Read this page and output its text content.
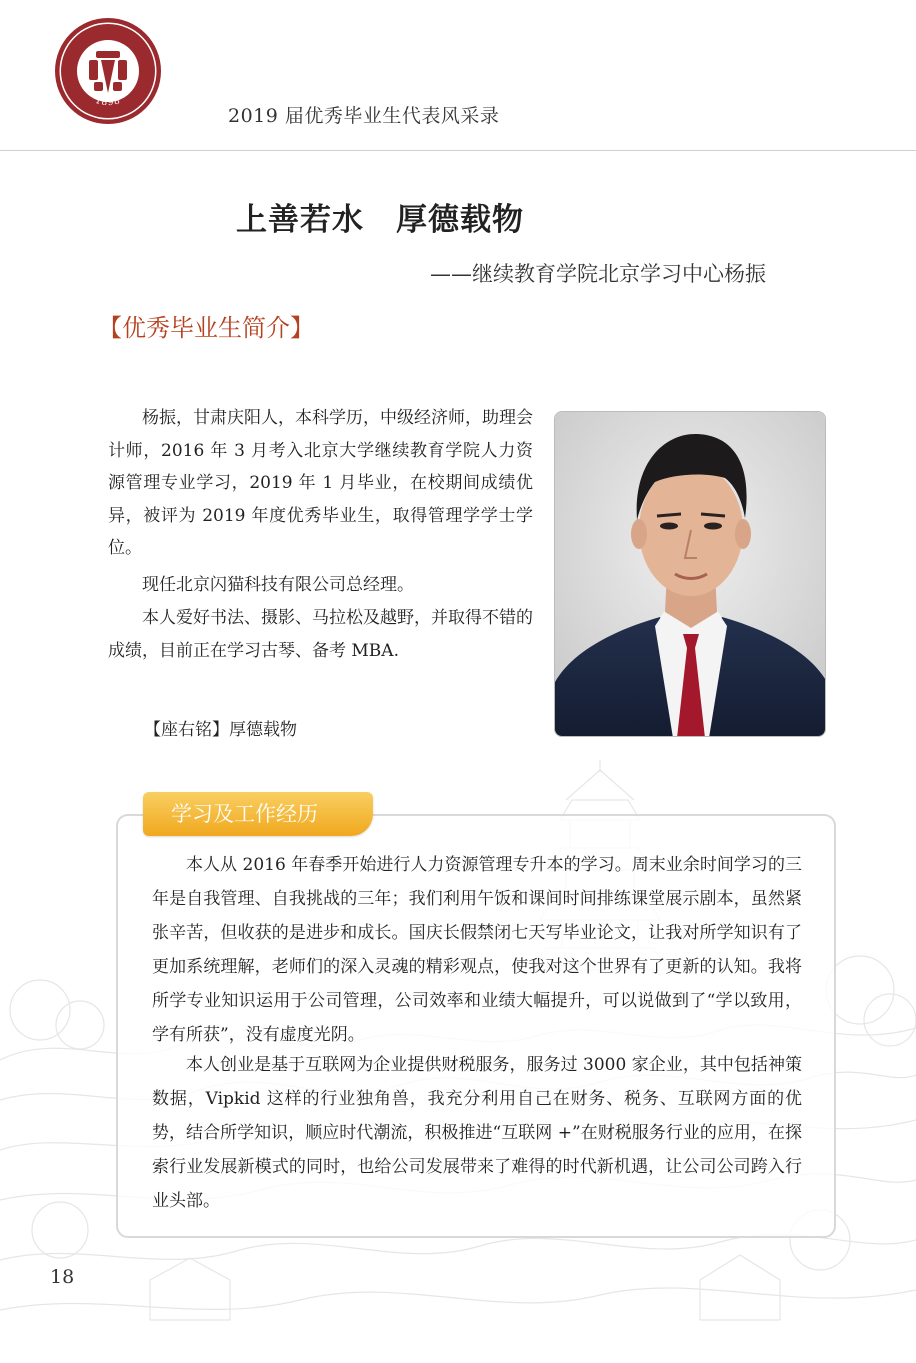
1898
2019 届优秀毕业生代表风采录
上善若水　厚德载物
——继续教育学院北京学习中心杨振
【优秀毕业生简介】

杨振，甘肃庆阳人，本科学历，中级经济师，助理会计师，2016 年 3 月考入北京大学继续教育学院人力资源管理专业学习，2019 年 1 月毕业，在校期间成绩优异，被评为 2019 年度优秀毕业生，取得管理学学士学位。

现任北京闪猫科技有限公司总经理。

本人爱好书法、摄影、马拉松及越野，并取得不错的成绩，目前正在学习古琴、备考 MBA.

【座右铭】厚德载物
学习及工作经历

本人从 2016 年春季开始进行人力资源管理专升本的学习。周末业余时间学习的三年是自我管理、自我挑战的三年；我们利用午饭和课间时间排练课堂展示剧本，虽然紧张辛苦，但收获的是进步和成长。国庆长假禁闭七天写毕业论文，让我对所学知识有了更加系统理解，老师们的深入灵魂的精彩观点，使我对这个世界有了更新的认知。我将所学专业知识运用于公司管理，公司效率和业绩大幅提升，可以说做到了“学以致用，学有所获”，没有虚度光阴。

本人创业是基于互联网为企业提供财税服务，服务过 3000 家企业，其中包括神策数据，Vipkid 这样的行业独角兽，我充分利用自己在财务、税务、互联网方面的优势，结合所学知识，顺应时代潮流，积极推进“互联网 +”在财税服务行业的应用，在探索行业发展新模式的同时，也给公司发展带来了难得的时代新机遇，让公司公司跨入行业头部。

18
